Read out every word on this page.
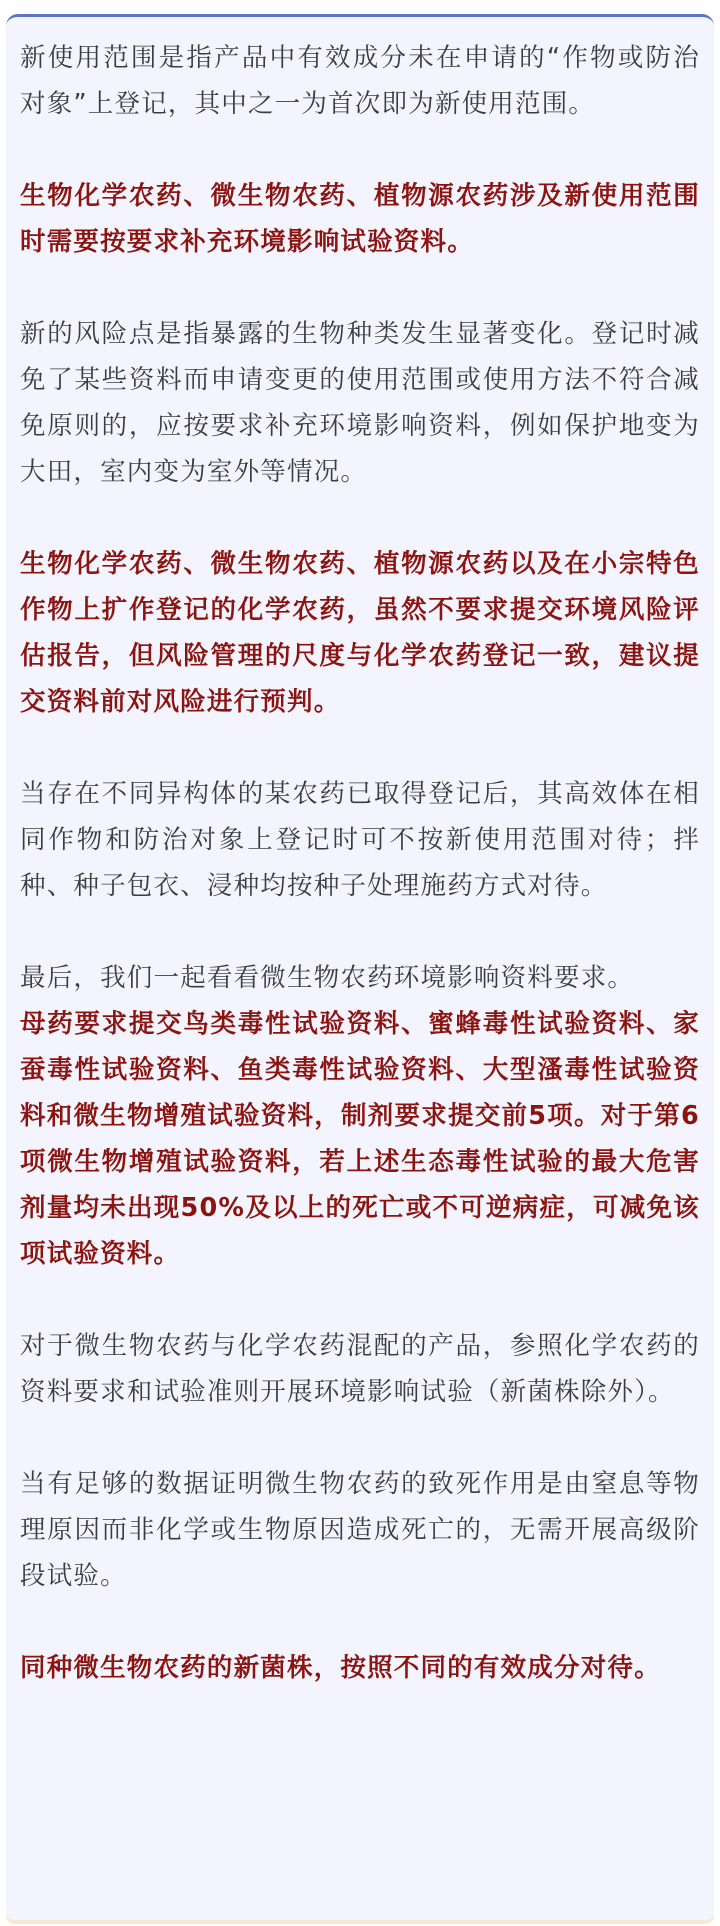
新使用范围是指产品中有效成分未在申请的“作物或防治对象”上登记，其中之一为首次即为新使用范围。

生物化学农药、微生物农药、植物源农药涉及新使用范围时需要按要求补充环境影响试验资料。

新的风险点是指暴露的生物种类发生显著变化。登记时减免了某些资料而申请变更的使用范围或使用方法不符合减免原则的，应按要求补充环境影响资料，例如保护地变为大田，室内变为室外等情况。

生物化学农药、微生物农药、植物源农药以及在小宗特色作物上扩作登记的化学农药，虽然不要求提交环境风险评估报告，但风险管理的尺度与化学农药登记一致，建议提交资料前对风险进行预判。

当存在不同异构体的某农药已取得登记后，其高效体在相同作物和防治对象上登记时可不按新使用范围对待；拌种、种子包衣、浸种均按种子处理施药方式对待。

最后，我们一起看看微生物农药环境影响资料要求。

母药要求提交鸟类毒性试验资料、蜜蜂毒性试验资料、家蚕毒性试验资料、鱼类毒性试验资料、大型溞毒性试验资料和微生物增殖试验资料，制剂要求提交前5项。对于第6项微生物增殖试验资料，若上述生态毒性试验的最大危害剂量均未出现50%及以上的死亡或不可逆病症，可减免该项试验资料。

对于微生物农药与化学农药混配的产品，参照化学农药的资料要求和试验准则开展环境影响试验（新菌株除外）。

当有足够的数据证明微生物农药的致死作用是由窒息等物理原因而非化学或生物原因造成死亡的，无需开展高级阶段试验。

同种微生物农药的新菌株，按照不同的有效成分对待。
